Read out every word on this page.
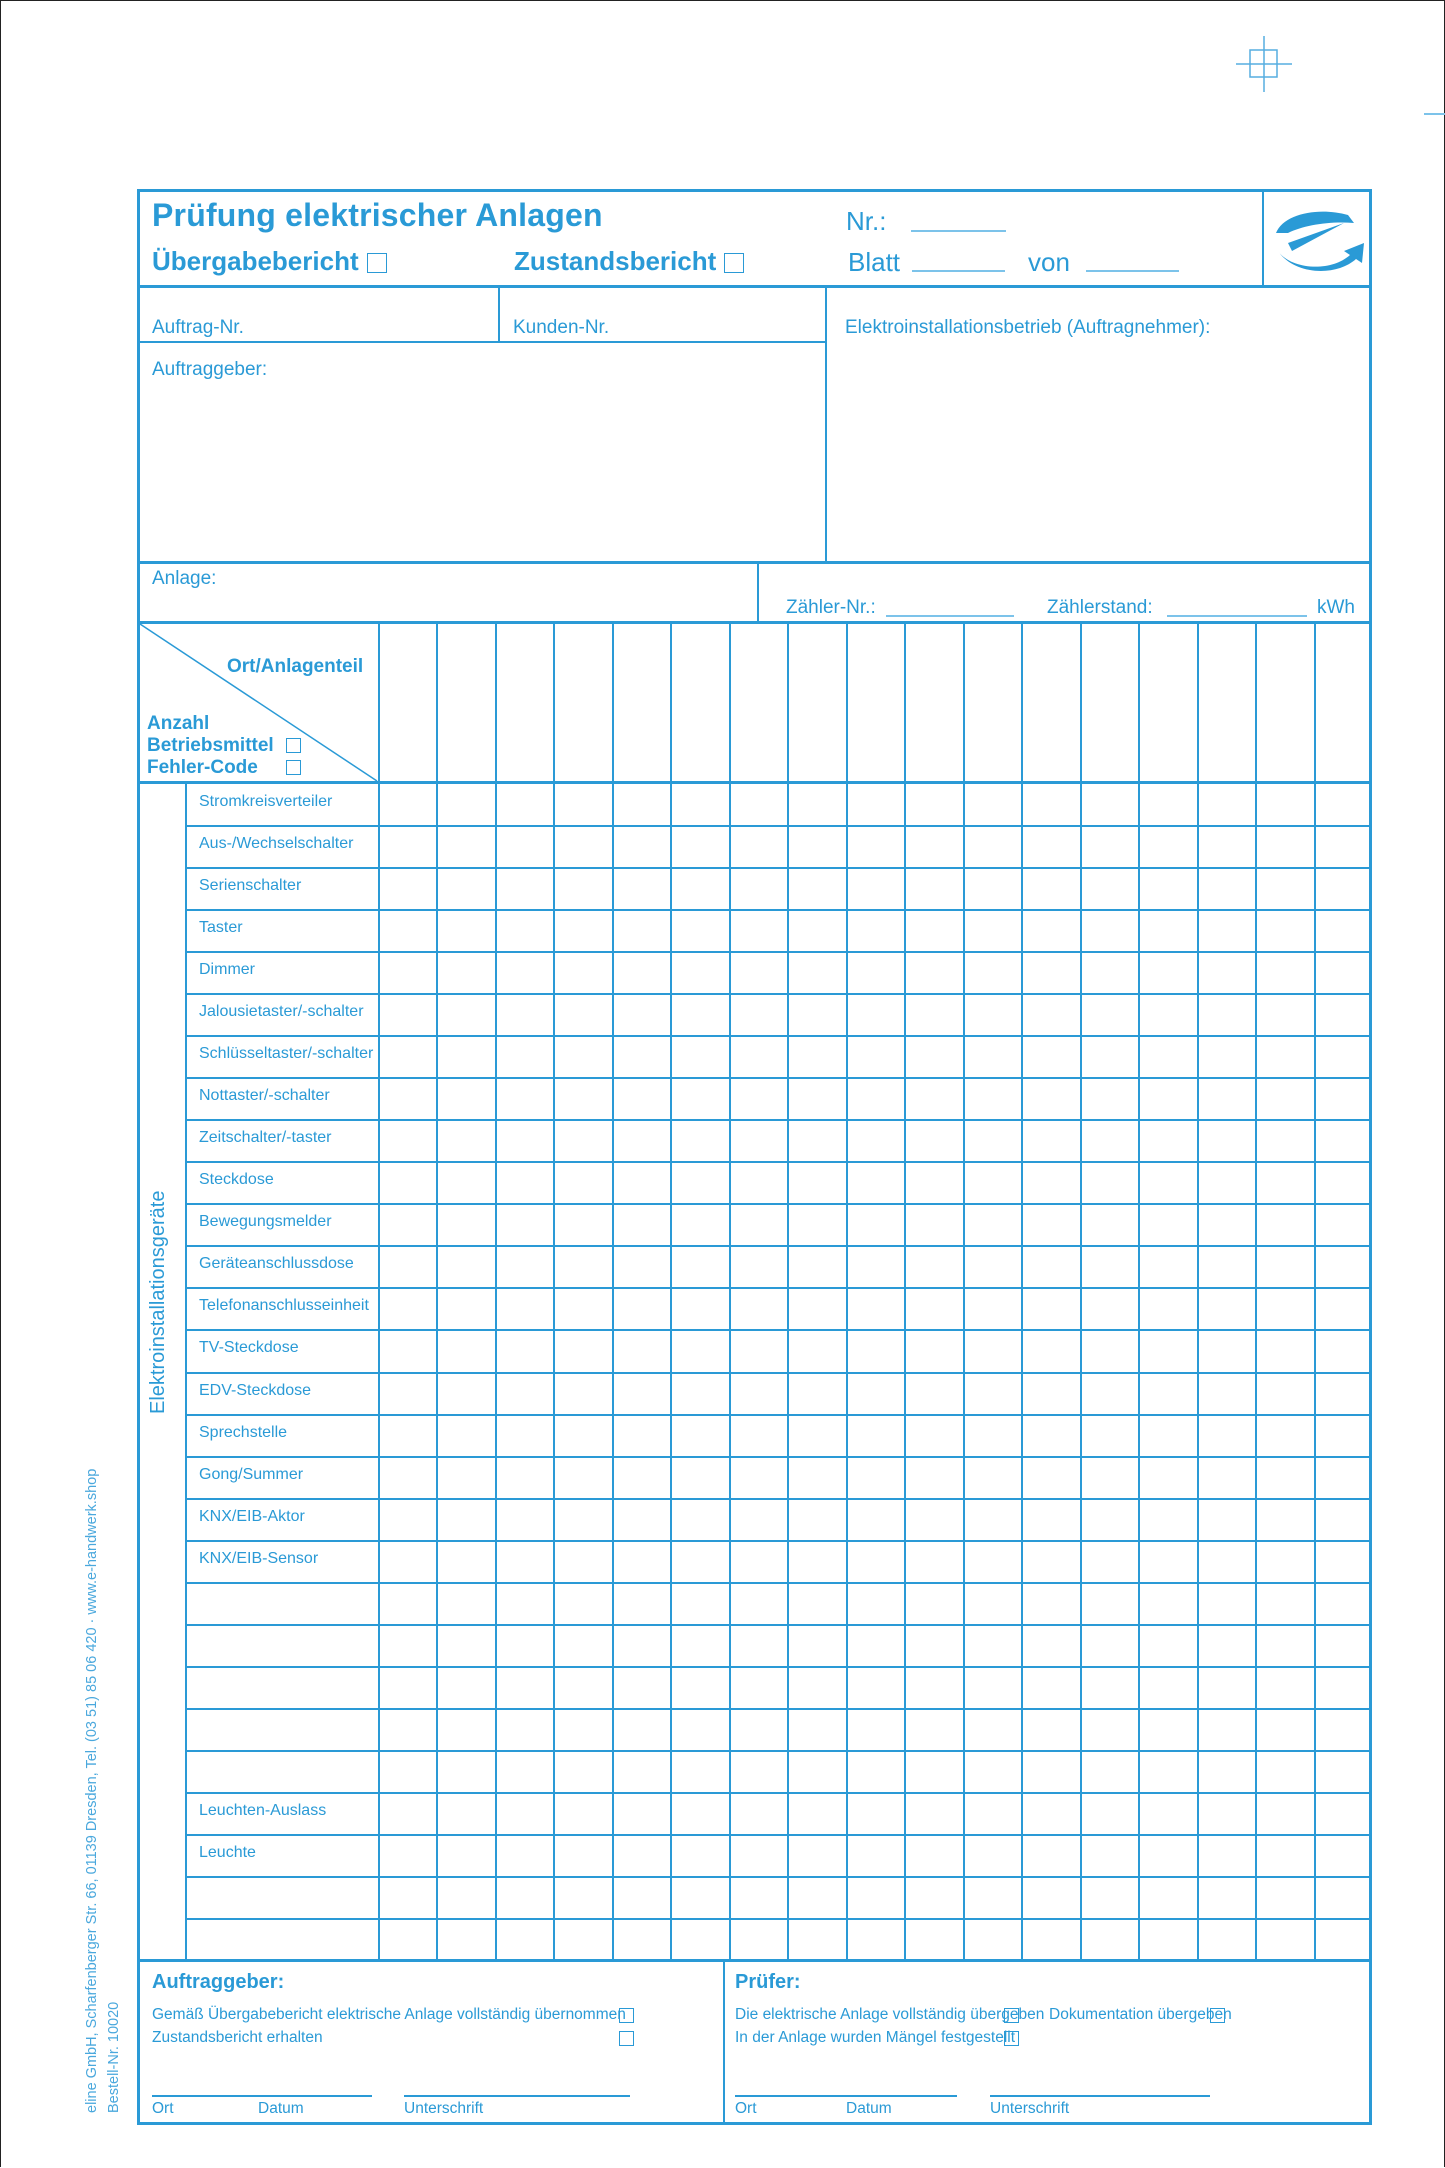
Prüfung elektrischer Anlagen
Übergabebericht	Zustandsbericht
Nr.:
Blatt	von
Auftrag-Nr.	Kunden-Nr.	Elektroinstallationsbetrieb (Auftragnehmer):
Auftraggeber:
Anlage:
Zähler-Nr.:	Zählerstand:	kWh
Ort/Anlagenteil
Anzahl
Betriebsmittel
Fehler-Code
Stromkreisverteiler
Aus-/Wechselschalter
Serienschalter
Taster
Dimmer
Jalousietaster/-schalter
Schlüsseltaster/-schalter
Nottaster/-schalter
Zeitschalter/-taster
Steckdose
Bewegungsmelder
Geräteanschlussdose
Telefonanschlusseinheit
TV-Steckdose
EDV-Steckdose
Sprechstelle
Gong/Summer
KNX/EIB-Aktor
KNX/EIB-Sensor
Leuchten-Auslass
Leuchte
Elektroinstallationsgeräte
Auftraggeber:
Gemäß Übergabebericht elektrische Anlage vollständig übernommen
Zustandsbericht erhalten
Ort	Datum	Unterschrift
Prüfer:
Die elektrische Anlage vollständig übergeben Dokumentation übergeben
In der Anlage wurden Mängel festgestellt
Ort	Datum	Unterschrift
eline GmbH, Scharfenberger Str. 66, 01139 Dresden, Tel. (03 51) 85 06 420 · www.e-handwerk.shop Bestell-Nr. 10020
